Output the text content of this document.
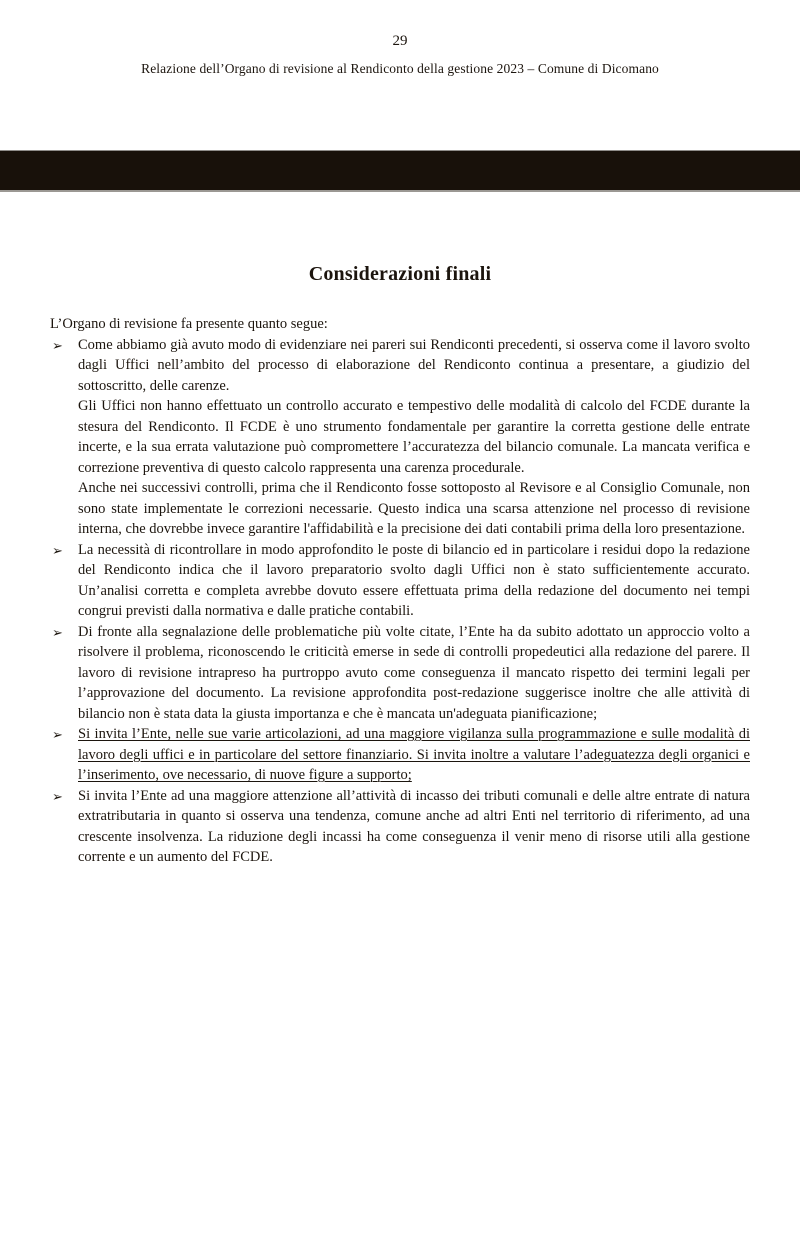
29
Relazione dell’Organo di revisione al Rendiconto della gestione 2023 – Comune di Dicomano
Considerazioni finali
L’Organo di revisione fa presente quanto segue:
➢ Come abbiamo già avuto modo di evidenziare nei pareri sui Rendiconti precedenti, si osserva come il lavoro svolto dagli Uffici nell’ambito del processo di elaborazione del Rendiconto continua a presentare, a giudizio del sottoscritto, delle carenze.

Gli Uffici non hanno effettuato un controllo accurato e tempestivo delle modalità di calcolo del FCDE durante la stesura del Rendiconto. Il FCDE è uno strumento fondamentale per garantire la corretta gestione delle entrate incerte, e la sua errata valutazione può compromettere l’accuratezza del bilancio comunale. La mancata verifica e correzione preventiva di questo calcolo rappresenta una carenza procedurale.

Anche nei successivi controlli, prima che il Rendiconto fosse sottoposto al Revisore e al Consiglio Comunale, non sono state implementate le correzioni necessarie. Questo indica una scarsa attenzione nel processo di revisione interna, che dovrebbe invece garantire l'affidabilità e la precisione dei dati contabili prima della loro presentazione.

➢ La necessità di ricontrollare in modo approfondito le poste di bilancio ed in particolare i residui dopo la redazione del Rendiconto indica che il lavoro preparatorio svolto dagli Uffici non è stato sufficientemente accurato. Un’analisi corretta e completa avrebbe dovuto essere effettuata prima della redazione del documento nei tempi congrui previsti dalla normativa e dalle pratiche contabili.

➢ Di fronte alla segnalazione delle problematiche più volte citate, l’Ente ha da subito adottato un approccio volto a risolvere il problema, riconoscendo le criticità emerse in sede di controlli propedeutici alla redazione del parere. Il lavoro di revisione intrapreso ha purtroppo avuto come conseguenza il mancato rispetto dei termini legali per l’approvazione del documento. La revisione approfondita post-redazione suggerisce inoltre che alle attività di bilancio non è stata data la giusta importanza e che è mancata un'adeguata pianificazione;

➢ Si invita l’Ente, nelle sue varie articolazioni, ad una maggiore vigilanza sulla programmazione e sulle modalità di lavoro degli uffici e in particolare del settore finanziario. Si invita inoltre a valutare l’adeguatezza degli organici e l’inserimento, ove necessario, di nuove figure a supporto;

➢ Si invita l’Ente ad una maggiore attenzione all’attività di incasso dei tributi comunali e delle altre entrate di natura extratributaria in quanto si osserva una tendenza, comune anche ad altri Enti nel territorio di riferimento, ad una crescente insolvenza. La riduzione degli incassi ha come conseguenza il venir meno di risorse utili alla gestione corrente e un aumento del FCDE.
